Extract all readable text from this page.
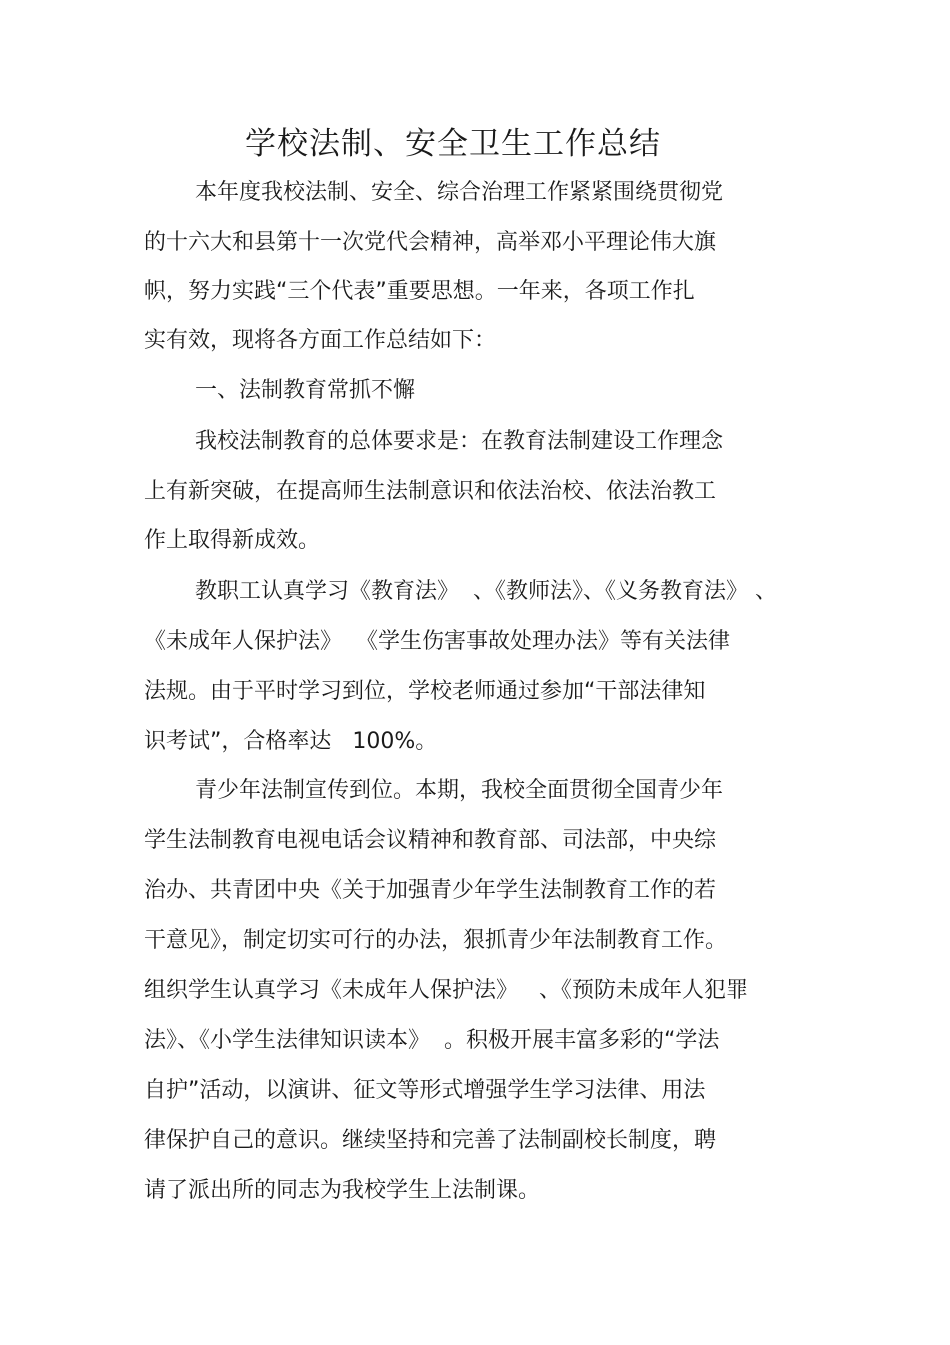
学校法制、安全卫生工作总结

本年度我校法制、安全、综合治理工作紧紧围绕贯彻党

的十六大和县第十一次党代会精神，高举邓小平理论伟大旗

帜，努力实践“三个代表”重要思想。一年来，各项工作扎

实有效，现将各方面工作总结如下：

一、法制教育常抓不懈

我校法制教育的总体要求是：在教育法制建设工作理念

上有新突破，在提高师生法制意识和依法治校、依法治教工

作上取得新成效。

教职工认真学习《教育法》  、《教师法》、《义务教育法》 、

《未成年人保护法》  《学生伤害事故处理办法》等有关法律

法规。由于平时学习到位，学校老师通过参加“干部法律知

识考试”，合格率达   100%。

青少年法制宣传到位。本期，我校全面贯彻全国青少年

学生法制教育电视电话会议精神和教育部、司法部，中央综

治办、共青团中央《关于加强青少年学生法制教育工作的若

干意见》，制定切实可行的办法，狠抓青少年法制教育工作。

组织学生认真学习《未成年人保护法》   、《预防未成年人犯罪

法》、《小学生法律知识读本》  。积极开展丰富多彩的“学法

自护”活动，以演讲、征文等形式增强学生学习法律、用法

律保护自己的意识。继续坚持和完善了法制副校长制度，聘

请了派出所的同志为我校学生上法制课。
